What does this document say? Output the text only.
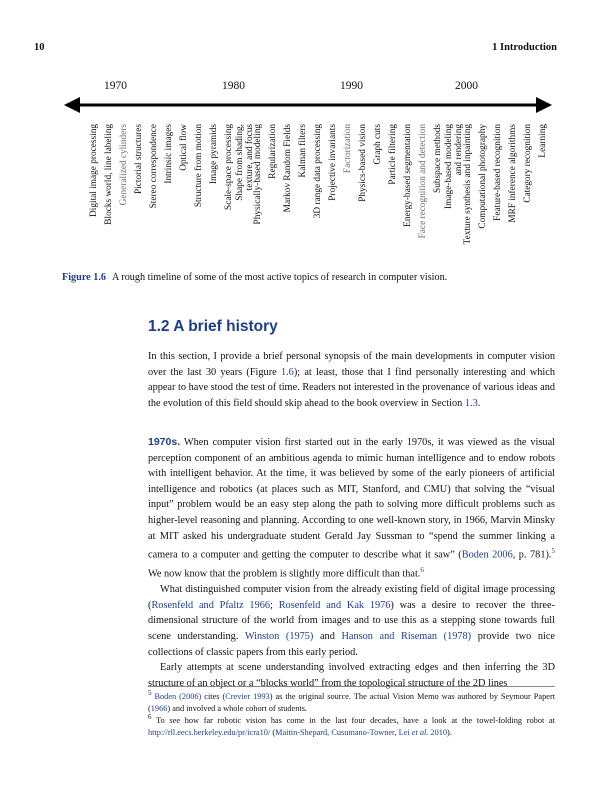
10	1 Introduction
1970	1980	1990	2000
Digital image processing Blocks world, line labeling Generalized cylinders Pictorial structures Stereo correspondence Intrinsic images Optical flow Structure from motion Image pyramids Scale-space processing Shape from shading,
texture, and focus Physically-based modeling Regularization Markov Random Fields Kalman filters 3D range data processing Projective invariants Factorization Physics-based vision Graph cuts Particle filtering Energy-based segmentation Face recognition and detection Subspace methods Image-based modeling
and rendering Texture synthesis and inpainting Computational photography Feature-based recognition MRF inference algorithms Category recognition Learning
Figure 1.6 A rough timeline of some of the most active topics of research in computer vision.
1.2 A brief history

In this section, I provide a brief personal synopsis of the main developments in computer vision over the last 30 years (Figure 1.6); at least, those that I find personally interesting and which appear to have stood the test of time. Readers not interested in the provenance of various ideas and the evolution of this field should skip ahead to the book overview in Section 1.3.

1970s. When computer vision first started out in the early 1970s, it was viewed as the visual perception component of an ambitious agenda to mimic human intelligence and to endow robots with intelligent behavior. At the time, it was believed by some of the early pioneers of artificial intelligence and robotics (at places such as MIT, Stanford, and CMU) that solving the “visual input” problem would be an easy step along the path to solving more difficult problems such as higher-level reasoning and planning. According to one well-known story, in 1966, Marvin Minsky at MIT asked his undergraduate student Gerald Jay Sussman to “spend the summer linking a camera to a computer and getting the computer to describe what it saw” (Boden 2006, p. 781).$^5$ We now know that the problem is slightly more difficult than that.$^6$

What distinguished computer vision from the already existing field of digital image processing (Rosenfeld and Pfaltz 1966; Rosenfeld and Kak 1976) was a desire to recover the three-dimensional structure of the world from images and to use this as a stepping stone towards full scene understanding. Winston (1975) and Hanson and Riseman (1978) provide two nice collections of classic papers from this early period.

Early attempts at scene understanding involved extracting edges and then inferring the 3D structure of an object or a “blocks world” from the topological structure of the 2D lines

$^5$ Boden (2006) cites (Crevier 1993) as the original source. The actual Vision Memo was authored by Seymour Papert (1966) and involved a whole cohort of students.
$^6$ To see how far robotic vision has come in the last four decades, have a look at the towel-folding robot at http://rll.eecs.berkeley.edu/pr/icra10/ (Maitin-Shepard, Cusumano-Towner, Lei et al. 2010).
